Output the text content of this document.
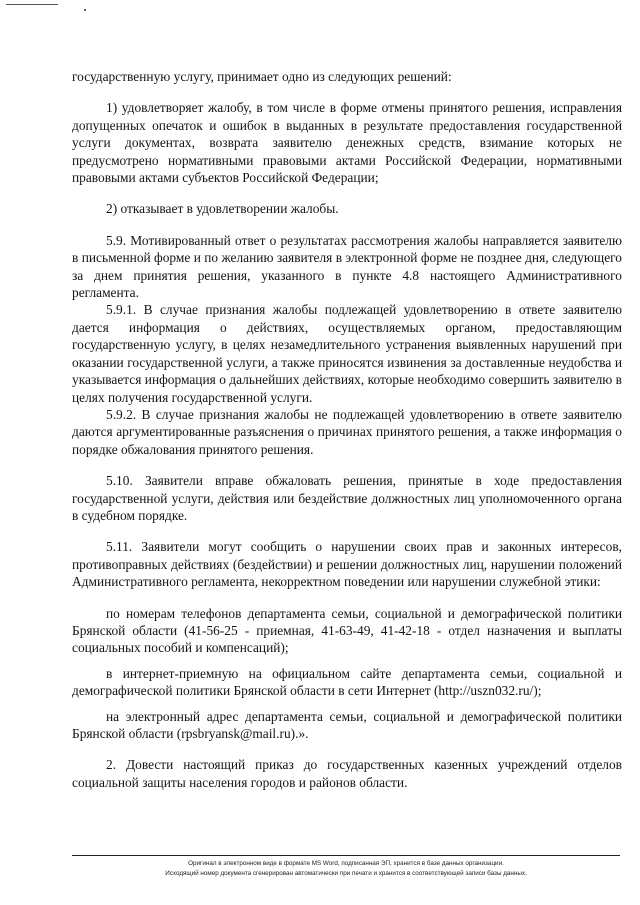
государственную услугу, принимает одно из следующих решений:

1) удовлетворяет жалобу, в том числе в форме отмены принятого решения, исправления допущенных опечаток и ошибок в выданных в результате предоставления государственной услуги документах, возврата заявителю денежных средств, взимание которых не предусмотрено нормативными правовыми актами Российской Федерации, нормативными правовыми актами субъектов Российской Федерации;

2) отказывает в удовлетворении жалобы.

5.9. Мотивированный ответ о результатах рассмотрения жалобы направляется заявителю в письменной форме и по желанию заявителя в электронной форме не позднее дня, следующего за днем принятия решения, указанного в пункте 4.8 настоящего Административного регламента.

5.9.1. В случае признания жалобы подлежащей удовлетворению в ответе заявителю дается информация о действиях, осуществляемых органом, предоставляющим государственную услугу, в целях незамедлительного устранения выявленных нарушений при оказании государственной услуги, а также приносятся извинения за доставленные неудобства и указывается информация о дальнейших действиях, которые необходимо совершить заявителю в целях получения государственной услуги.

5.9.2. В случае признания жалобы не подлежащей удовлетворению в ответе заявителю даются аргументированные разъяснения о причинах принятого решения, а также информация о порядке обжалования принятого решения.

5.10. Заявители вправе обжаловать решения, принятые в ходе предоставления государственной услуги, действия или бездействие должностных лиц уполномоченного органа в судебном порядке.

5.11. Заявители могут сообщить о нарушении своих прав и законных интересов, противоправных действиях (бездействии) и решении должностных лиц, нарушении положений Административного регламента, некорректном поведении или нарушении служебной этики:

по номерам телефонов департамента семьи, социальной и демографической политики Брянской области (41-56-25 - приемная, 41-63-49, 41-42-18 - отдел назначения и выплаты социальных пособий и компенсаций);

в интернет-приемную на официальном сайте департамента семьи, социальной и демографической политики Брянской области в сети Интернет (http://uszn032.ru/);

на электронный адрес департамента семьи, социальной и демографической политики Брянской области (rpsbryansk@mail.ru).».

2. Довести настоящий приказ до государственных казенных учреждений отделов социальной защиты населения городов и районов области.

Оригинал в электронном виде в формате MS Word, подписанная ЭП, хранится в базе данных организации.
Исходящий номер документа сгенерирован автоматически при печати и хранится в соответствующей записи базы данных.
